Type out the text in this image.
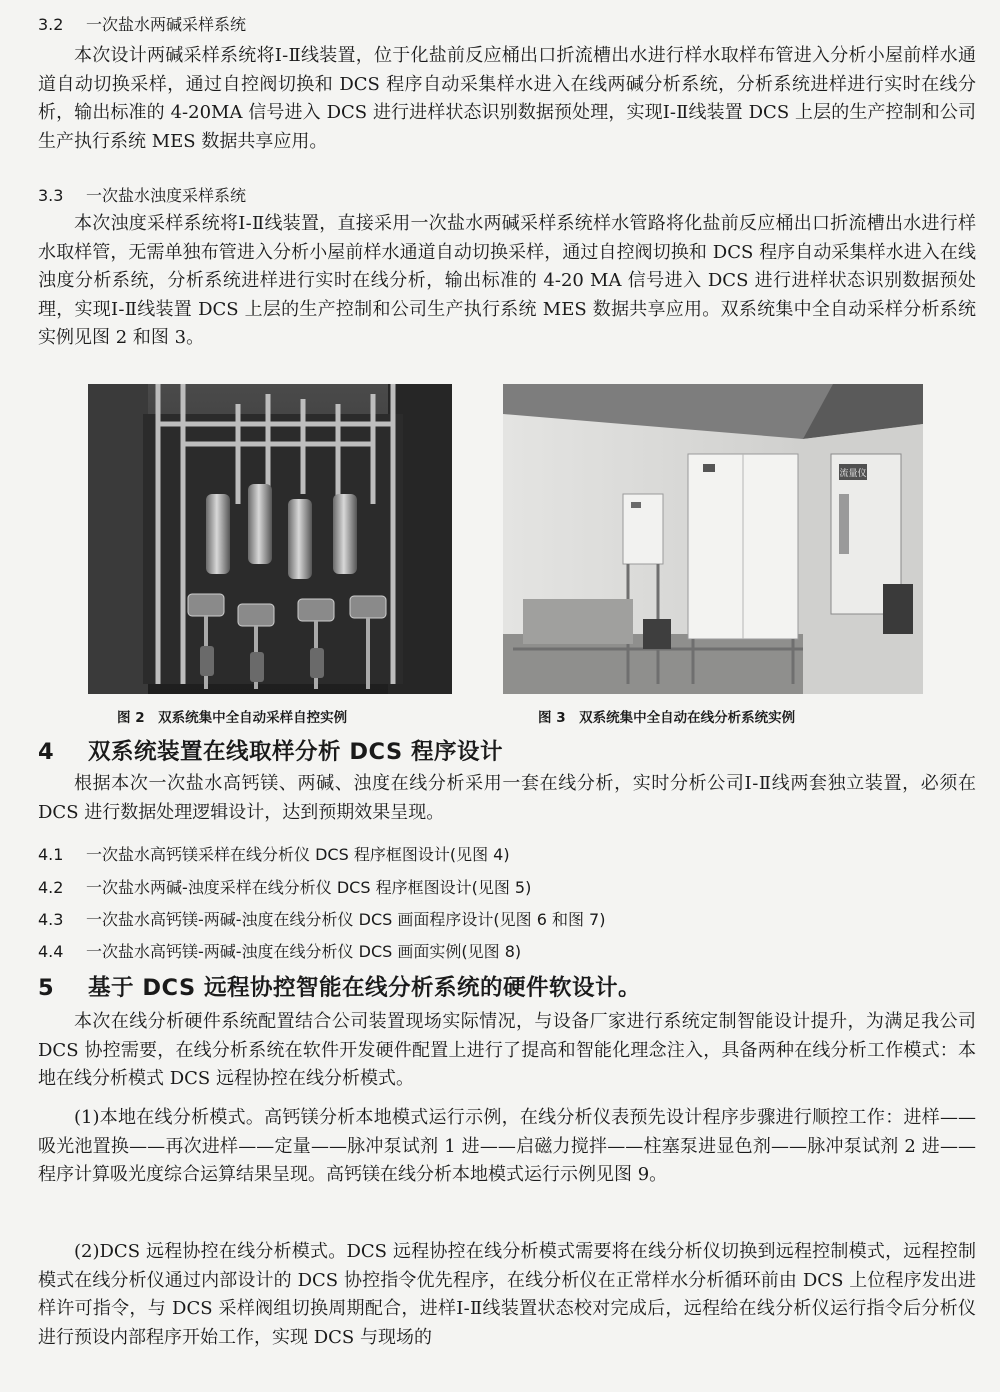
3.2 一次盐水两碱采样系统

本次设计两碱采样系统将Ⅰ-Ⅱ线装置，位于化盐前反应桶出口折流槽出水进行样水取样布管进入分析小屋前样水通道自动切换采样，通过自控阀切换和 DCS 程序自动采集样水进入在线两碱分析系统，分析系统进样进行实时在线分析，输出标准的 4-20MA 信号进入 DCS 进行进样状态识别数据预处理，实现Ⅰ-Ⅱ线装置 DCS 上层的生产控制和公司生产执行系统 MES 数据共享应用。

3.3 一次盐水浊度采样系统

本次浊度采样系统将Ⅰ-Ⅱ线装置，直接采用一次盐水两碱采样系统样水管路将化盐前反应桶出口折流槽出水进行样水取样管，无需单独布管进入分析小屋前样水通道自动切换采样，通过自控阀切换和 DCS 程序自动采集样水进入在线浊度分析系统，分析系统进样进行实时在线分析，输出标准的 4-20 MA 信号进入 DCS 进行进样状态识别数据预处理，实现Ⅰ-Ⅱ线装置 DCS 上层的生产控制和公司生产执行系统 MES 数据共享应用。双系统集中全自动采样分析系统实例见图 2 和图 3。

图 2　双系统集中全自动采样自控实例
流量仪
图 3　双系统集中全自动在线分析系统实例
4 双系统装置在线取样分析 DCS 程序设计

根据本次一次盐水高钙镁、两碱、浊度在线分析采用一套在线分析，实时分析公司Ⅰ-Ⅱ线两套独立装置，必须在 DCS 进行数据处理逻辑设计，达到预期效果呈现。

4.1 一次盐水高钙镁采样在线分析仪 DCS 程序框图设计(见图 4)
4.2 一次盐水两碱-浊度采样在线分析仪 DCS 程序框图设计(见图 5)
4.3 一次盐水高钙镁-两碱-浊度在线分析仪 DCS 画面程序设计(见图 6 和图 7)
4.4 一次盐水高钙镁-两碱-浊度在线分析仪 DCS 画面实例(见图 8)
5 基于 DCS 远程协控智能在线分析系统的硬件软设计。

本次在线分析硬件系统配置结合公司装置现场实际情况，与设备厂家进行系统定制智能设计提升，为满足我公司 DCS 协控需要，在线分析系统在软件开发硬件配置上进行了提高和智能化理念注入，具备两种在线分析工作模式：本地在线分析模式 DCS 远程协控在线分析模式。

(1)本地在线分析模式。高钙镁分析本地模式运行示例，在线分析仪表预先设计程序步骤进行顺控工作：进样——吸光池置换——再次进样——定量——脉冲泵试剂 1 进——启磁力搅拌——柱塞泵进显色剂——脉冲泵试剂 2 进——程序计算吸光度综合运算结果呈现。高钙镁在线分析本地模式运行示例见图 9。

(2)DCS 远程协控在线分析模式。DCS 远程协控在线分析模式需要将在线分析仪切换到远程控制模式，远程控制模式在线分析仪通过内部设计的 DCS 协控指令优先程序，在线分析仪在正常样水分析循环前由 DCS 上位程序发出进样许可指令，与 DCS 采样阀组切换周期配合，进样Ⅰ-Ⅱ线装置状态校对完成后，远程给在线分析仪运行指令后分析仪进行预设内部程序开始工作，实现 DCS 与现场的
